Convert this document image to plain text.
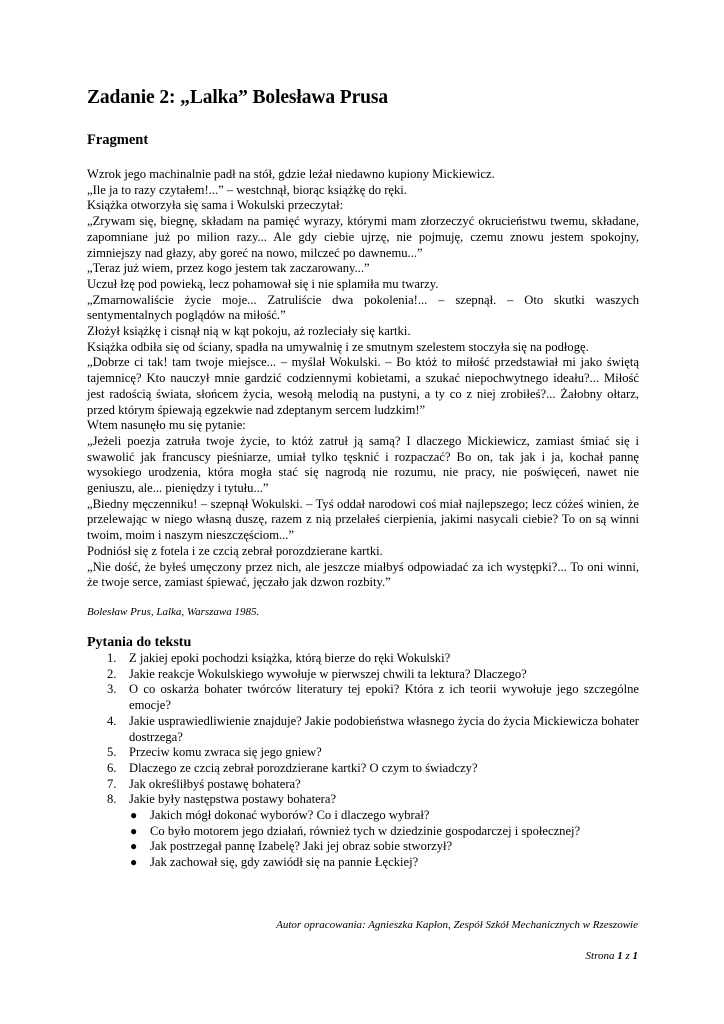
Zadanie 2: „Lalka” Bolesława Prusa
Fragment

Wzrok jego machinalnie padł na stół, gdzie leżał niedawno kupiony Mickiewicz.

„Ile ja to razy czytałem!...” – westchnął, biorąc książkę do ręki.

Książka otworzyła się sama i Wokulski przeczytał:

„Zrywam się, biegnę, składam na pamięć wyrazy, którymi mam złorzeczyć okrucieństwu twemu, składane, zapomniane już po milion razy... Ale gdy ciebie ujrzę, nie pojmuję, czemu znowu jestem spokojny, zimniejszy nad głazy, aby goreć na nowo, milczeć po dawnemu...”

„Teraz już wiem, przez kogo jestem tak zaczarowany...”

Uczuł łzę pod powieką, lecz pohamował się i nie splamiła mu twarzy.

„Zmarnowaliście życie moje... Zatruliście dwa pokolenia!... – szepnął. – Oto skutki waszych sentymentalnych poglądów na miłość.”

Złożył książkę i cisnął nią w kąt pokoju, aż rozleciały się kartki.

Książka odbiła się od ściany, spadła na umywalnię i ze smutnym szelestem stoczyła się na podłogę.

„Dobrze ci tak! tam twoje miejsce... – myślał Wokulski. – Bo któż to miłość przedstawiał mi jako świętą tajemnicę? Kto nauczył mnie gardzić codziennymi kobietami, a szukać niepochwytnego ideału?... Miłość jest radością świata, słońcem życia, wesołą melodią na pustyni, a ty co z niej zrobiłeś?... Żałobny ołtarz, przed którym śpiewają egzekwie nad zdeptanym sercem ludzkim!”

Wtem nasunęło mu się pytanie:

„Jeżeli poezja zatruła twoje życie, to któż zatruł ją samą? I dlaczego Mickiewicz, zamiast śmiać się i swawolić jak francuscy pieśniarze, umiał tylko tęsknić i rozpaczać? Bo on, tak jak i ja, kochał pannę wysokiego urodzenia, która mogła stać się nagrodą nie rozumu, nie pracy, nie poświęceń, nawet nie geniuszu, ale... pieniędzy i tytułu...”

„Biedny męczenniku! – szepnął Wokulski. – Tyś oddał narodowi coś miał najlepszego; lecz cóżeś winien, że przelewając w niego własną duszę, razem z nią przelałeś cierpienia, jakimi nasycali ciebie? To on są winni twoim, moim i naszym nieszczęściom...”

Podniósł się z fotela i ze czcią zebrał porozdzierane kartki.

„Nie dość, że byłeś umęczony przez nich, ale jeszcze miałbyś odpowiadać za ich występki?... To oni winni, że twoje serce, zamiast śpiewać, jęczało jak dzwon rozbity.”

Bolesław Prus, Lalka, Warszawa 1985.
Pytania do tekstu
1. Z jakiej epoki pochodzi książka, którą bierze do ręki Wokulski?
2. Jakie reakcje Wokulskiego wywołuje w pierwszej chwili ta lektura? Dlaczego?
3. O co oskarża bohater twórców literatury tej epoki? Która z ich teorii wywołuje jego szczególne emocje?
4. Jakie usprawiedliwienie znajduje? Jakie podobieństwa własnego życia do życia Mickiewicza bohater dostrzega?
5. Przeciw komu zwraca się jego gniew?
6. Dlaczego ze czcią zebrał porozdzierane kartki? O czym to świadczy?
7. Jak określiłbyś postawę bohatera?
8. Jakie były następstwa postawy bohatera?
● Jakich mógł dokonać wyborów? Co i dlaczego wybrał?
● Co było motorem jego działań, również tych w dziedzinie gospodarczej i społecznej?
● Jak postrzegał pannę Izabelę? Jaki jej obraz sobie stworzył?
● Jak zachował się, gdy zawiódł się na pannie Łęckiej?
Autor opracowania: Agnieszka Kapłon, Zespół Szkół Mechanicznych w Rzeszowie
Strona 1 z 1
